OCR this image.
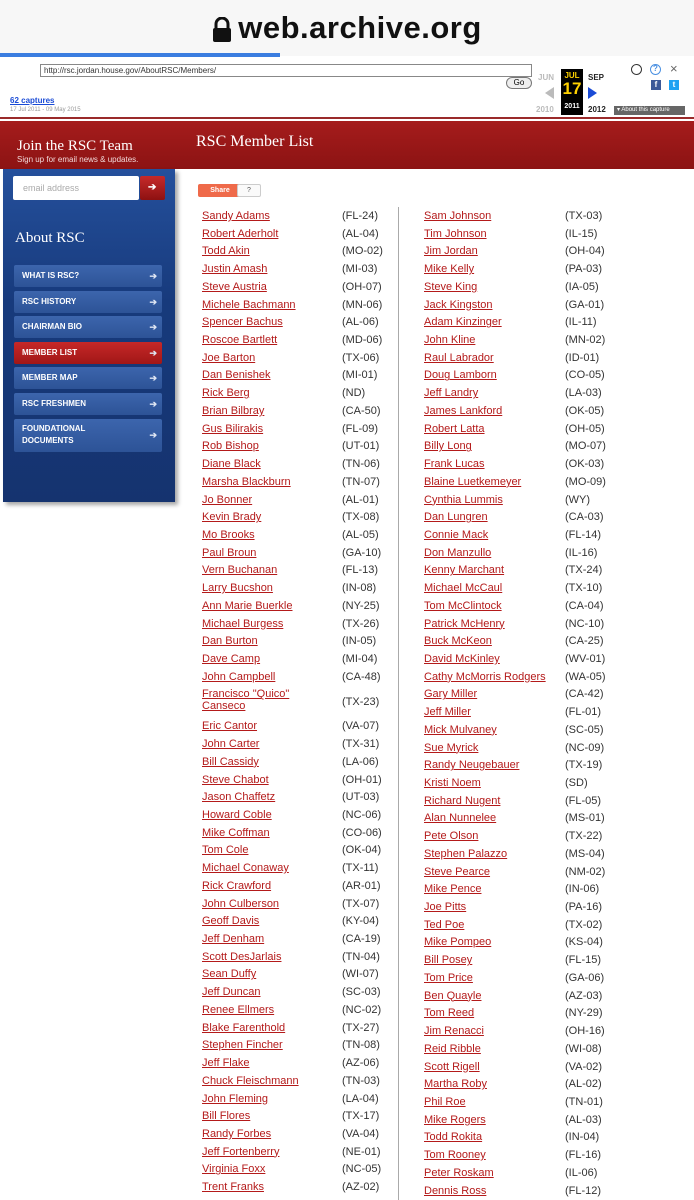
web.archive.org
http://rsc.jordan.house.gov/AboutRSC/Members/
Go
62 captures
17 Jul 2011 - 09 May 2015
JUN	JUL
17
2011
SEP
2010	2012	▾ About this capture
? ×
f	t
Join the RSC Team
Sign up for email news & updates.
RSC Member List
email address	➔
About RSC
WHAT IS RSC?	➔
RSC HISTORY	➔
CHAIRMAN BIO	➔
MEMBER LIST	➔
MEMBER MAP	➔
RSC FRESHMEN	➔
FOUNDATIONAL DOCUMENTS	➔
Share	?
Sandy Adams	(FL-24)
Robert Aderholt	(AL-04)
Todd Akin	(MO-02)
Justin Amash	(MI-03)
Steve Austria	(OH-07)
Michele Bachmann	(MN-06)
Spencer Bachus	(AL-06)
Roscoe Bartlett	(MD-06)
Joe Barton	(TX-06)
Dan Benishek	(MI-01)
Rick Berg	(ND)
Brian Bilbray	(CA-50)
Gus Bilirakis	(FL-09)
Rob Bishop	(UT-01)
Diane Black	(TN-06)
Marsha Blackburn	(TN-07)
Jo Bonner	(AL-01)
Kevin Brady	(TX-08)
Mo Brooks	(AL-05)
Paul Broun	(GA-10)
Vern Buchanan	(FL-13)
Larry Bucshon	(IN-08)
Ann Marie Buerkle	(NY-25)
Michael Burgess	(TX-26)
Dan Burton	(IN-05)
Dave Camp	(MI-04)
John Campbell	(CA-48)
Francisco "Quico" Canseco	(TX-23)
Eric Cantor	(VA-07)
John Carter	(TX-31)
Bill Cassidy	(LA-06)
Steve Chabot	(OH-01)
Jason Chaffetz	(UT-03)
Howard Coble	(NC-06)
Mike Coffman	(CO-06)
Tom Cole	(OK-04)
Michael Conaway	(TX-11)
Rick Crawford	(AR-01)
John Culberson	(TX-07)
Geoff Davis	(KY-04)
Jeff Denham	(CA-19)
Scott DesJarlais	(TN-04)
Sean Duffy	(WI-07)
Jeff Duncan	(SC-03)
Renee Ellmers	(NC-02)
Blake Farenthold	(TX-27)
Stephen Fincher	(TN-08)
Jeff Flake	(AZ-06)
Chuck Fleischmann	(TN-03)
John Fleming	(LA-04)
Bill Flores	(TX-17)
Randy Forbes	(VA-04)
Jeff Fortenberry	(NE-01)
Virginia Foxx	(NC-05)
Trent Franks	(AZ-02)
Sam Johnson	(TX-03)
Tim Johnson	(IL-15)
Jim Jordan	(OH-04)
Mike Kelly	(PA-03)
Steve King	(IA-05)
Jack Kingston	(GA-01)
Adam Kinzinger	(IL-11)
John Kline	(MN-02)
Raul Labrador	(ID-01)
Doug Lamborn	(CO-05)
Jeff Landry	(LA-03)
James Lankford	(OK-05)
Robert Latta	(OH-05)
Billy Long	(MO-07)
Frank Lucas	(OK-03)
Blaine Luetkemeyer	(MO-09)
Cynthia Lummis	(WY)
Dan Lungren	(CA-03)
Connie Mack	(FL-14)
Don Manzullo	(IL-16)
Kenny Marchant	(TX-24)
Michael McCaul	(TX-10)
Tom McClintock	(CA-04)
Patrick McHenry	(NC-10)
Buck McKeon	(CA-25)
David McKinley	(WV-01)
Cathy McMorris Rodgers (WA-05)
Gary Miller	(CA-42)
Jeff Miller	(FL-01)
Mick Mulvaney	(SC-05)
Sue Myrick	(NC-09)
Randy Neugebauer	(TX-19)
Kristi Noem	(SD)
Richard Nugent	(FL-05)
Alan Nunnelee	(MS-01)
Pete Olson	(TX-22)
Stephen Palazzo	(MS-04)
Steve Pearce	(NM-02)
Mike Pence	(IN-06)
Joe Pitts	(PA-16)
Ted Poe	(TX-02)
Mike Pompeo	(KS-04)
Bill Posey	(FL-15)
Tom Price	(GA-06)
Ben Quayle	(AZ-03)
Tom Reed	(NY-29)
Jim Renacci	(OH-16)
Reid Ribble	(WI-08)
Scott Rigell	(VA-02)
Martha Roby	(AL-02)
Phil Roe	(TN-01)
Mike Rogers	(AL-03)
Todd Rokita	(IN-04)
Tom Rooney	(FL-16)
Peter Roskam	(IL-06)
Dennis Ross	(FL-12)
